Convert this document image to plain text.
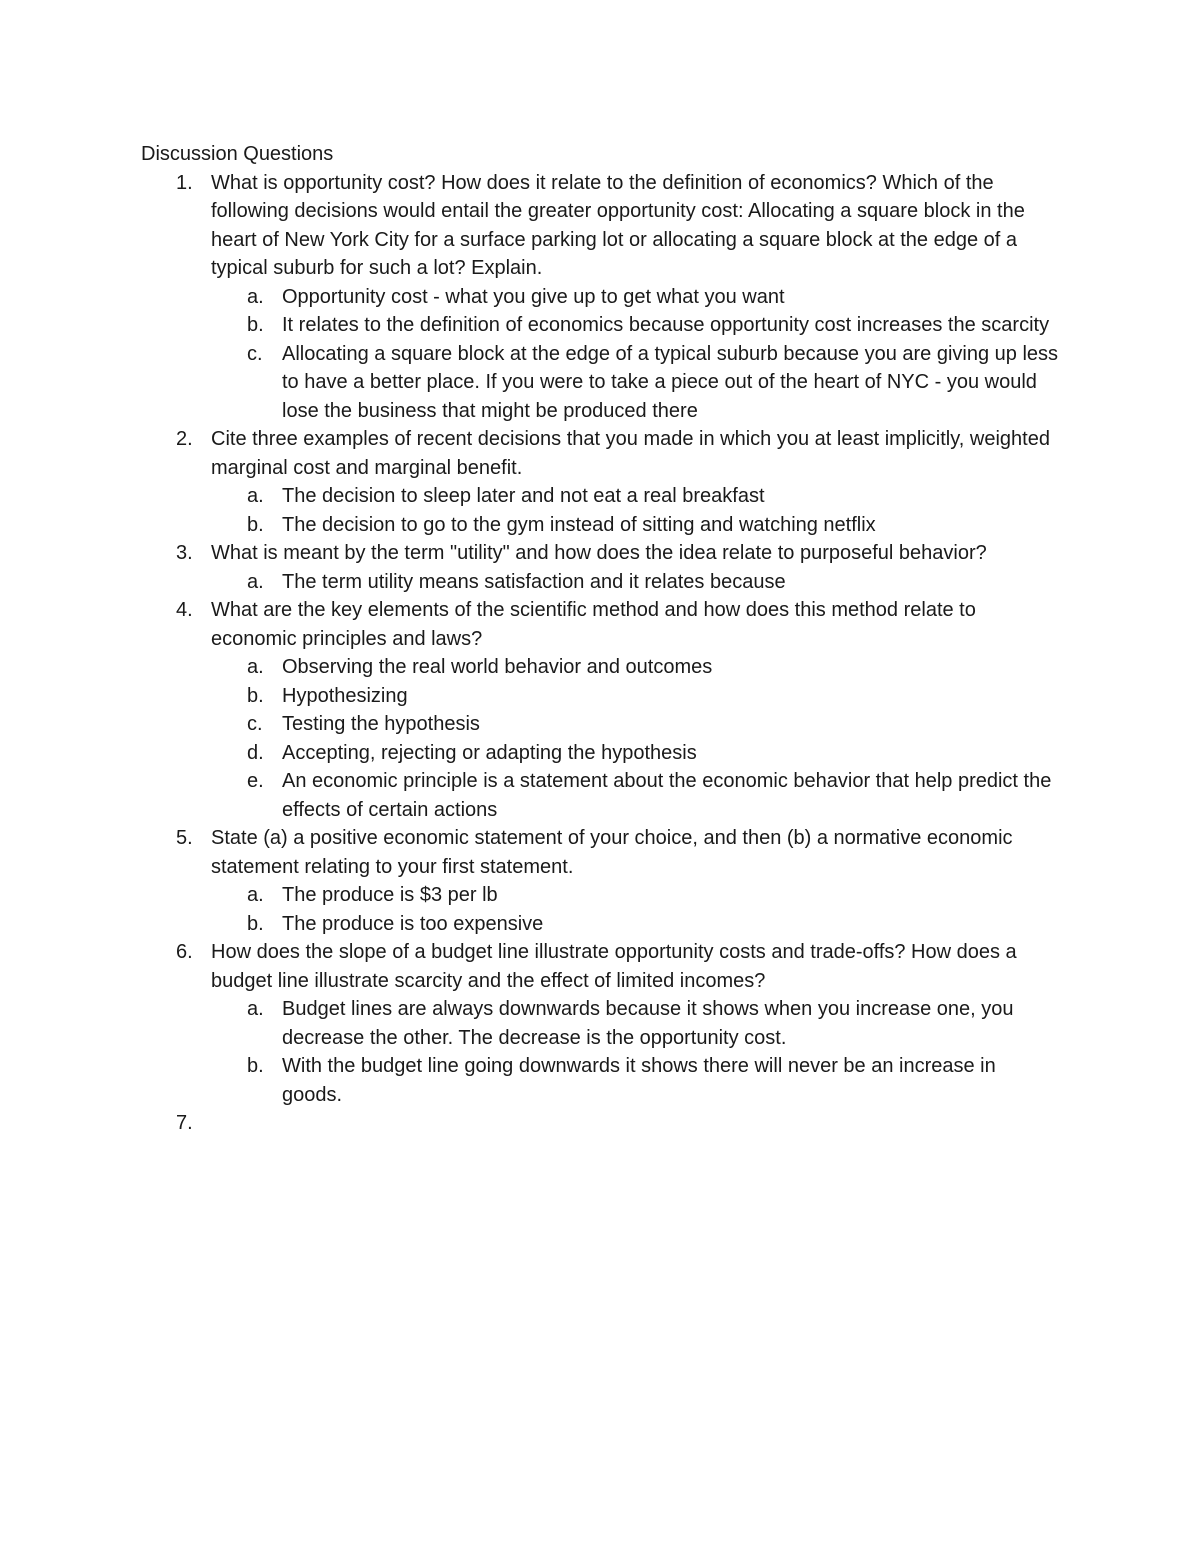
Discussion Questions
1. What is opportunity cost? How does it relate to the definition of economics? Which of the following decisions would entail the greater opportunity cost: Allocating a square block in the heart of New York City for a surface parking lot or allocating a square block at the edge of a typical suburb for such a lot? Explain.
a. Opportunity cost - what you give up to get what you want
b. It relates to the definition of economics because opportunity cost increases the scarcity
c. Allocating a square block at the edge of a typical suburb because you are giving up less to have a better place. If you were to take a piece out of the heart of NYC - you would lose the business that might be produced there
2. Cite three examples of recent decisions that you made in which you at least implicitly, weighted marginal cost and marginal benefit.
a. The decision to sleep later and not eat a real breakfast
b. The decision to go to the gym instead of sitting and watching netflix
3. What is meant by the term "utility" and how does the idea relate to purposeful behavior?
a. The term utility means satisfaction and it relates because
4. What are the key elements of the scientific method and how does this method relate to economic principles and laws?
a. Observing the real world behavior and outcomes
b. Hypothesizing
c. Testing the hypothesis
d. Accepting, rejecting or adapting the hypothesis
e. An economic principle is a statement about the economic behavior that help predict the effects of certain actions
5. State (a) a positive economic statement of your choice, and then (b) a normative economic statement relating to your first statement.
a. The produce is $3 per lb
b. The produce is too expensive
6. How does the slope of a budget line illustrate opportunity costs and trade-offs? How does a budget line illustrate scarcity and the effect of limited incomes?
a. Budget lines are always downwards because it shows when you increase one, you decrease the other. The decrease is the opportunity cost.
b. With the budget line going downwards it shows there will never be an increase in goods.
7.
